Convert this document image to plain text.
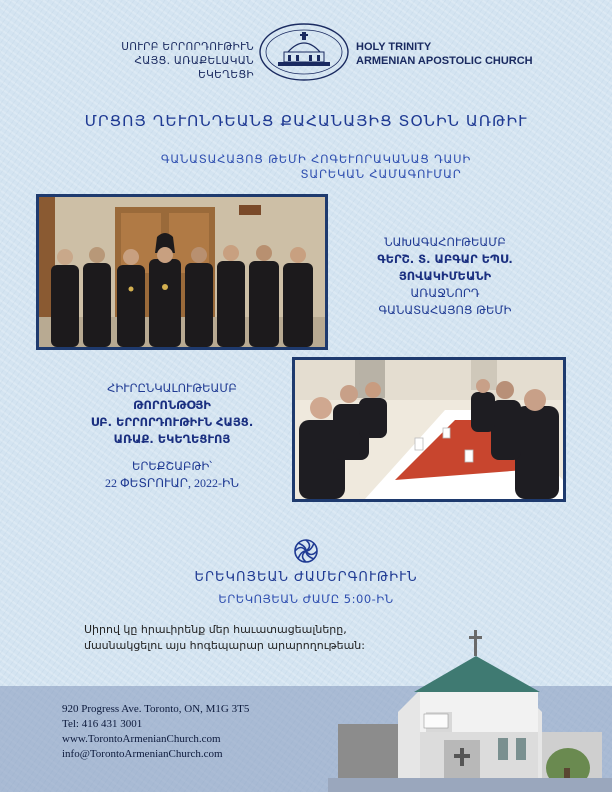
ՍՈՒՐԲ ԵՐՐՈՐԴՈՒԹԻՒՆ
ՀԱՅՑ. ԱՌԱՔԵԼԱԿԱՆ ԵԿԵՂԵՑԻ
HOLY TRINITY
ARMENIAN APOSTOLIC CHURCH
ՄՐՑՈՅ ՂԵՒՈՆԴԵԱՆՑ ՔԱՀԱՆԱՅԻՑ ՏՕՆԻՆ ԱՌԹԻՒ
ԳԱՆԱՏԱՀԱՅՈՑ ԹԵՄԻ ՀՈԳԵՒՈՐԱԿԱՆԱՑ ԴԱՍԻ
ՏԱՐԵԿԱՆ ՀԱՄԱԳՈՒՄԱՐ
ՆԱԽԱԳԱՀՈՒԹԵԱՄԲ
ԳԵՐՇ. Տ. ԱԲԳԱՐ ԵՊՍ.
ՅՈՎԱԿԻՄԵԱՆԻ
ԱՌԱՋՆՈՐԴ
ԳԱՆԱՏԱՀԱՅՈՑ ԹԵՄԻ
ՀԻՒՐԸՆԿԱԼՈՒԹԵԱՄԲ
ԹՈՐՈՆԹՕՅԻ
ՍԲ. ԵՐՐՈՐԴՈՒԹԻՒՆ ՀԱՅՑ.
ԱՌԱՔ. ԵԿԵՂԵՑՒՈՅ
ԵՐԵՔՇԱԲԹԻ՝
22 ՓԵՏՐՈՒԱՐ, 2022-ԻՆ
ԵՐԵԿՈՅԵԱՆ ԺԱՄԵՐԳՈՒԹԻՒՆ
ԵՐԵԿՈՅԵԱՆ ԺԱՄԸ 5:00-ԻՆ
Սիրով կը հրաւիրենք մեր հաւատացեալները,
մասնակցելու այս հոգեպարար արարողութեան:
920 Progress Ave. Toronto, ON, M1G 3T5
Tel: 416 431 3001
www.TorontoArmenianChurch.com
info@TorontoArmenianChurch.com
